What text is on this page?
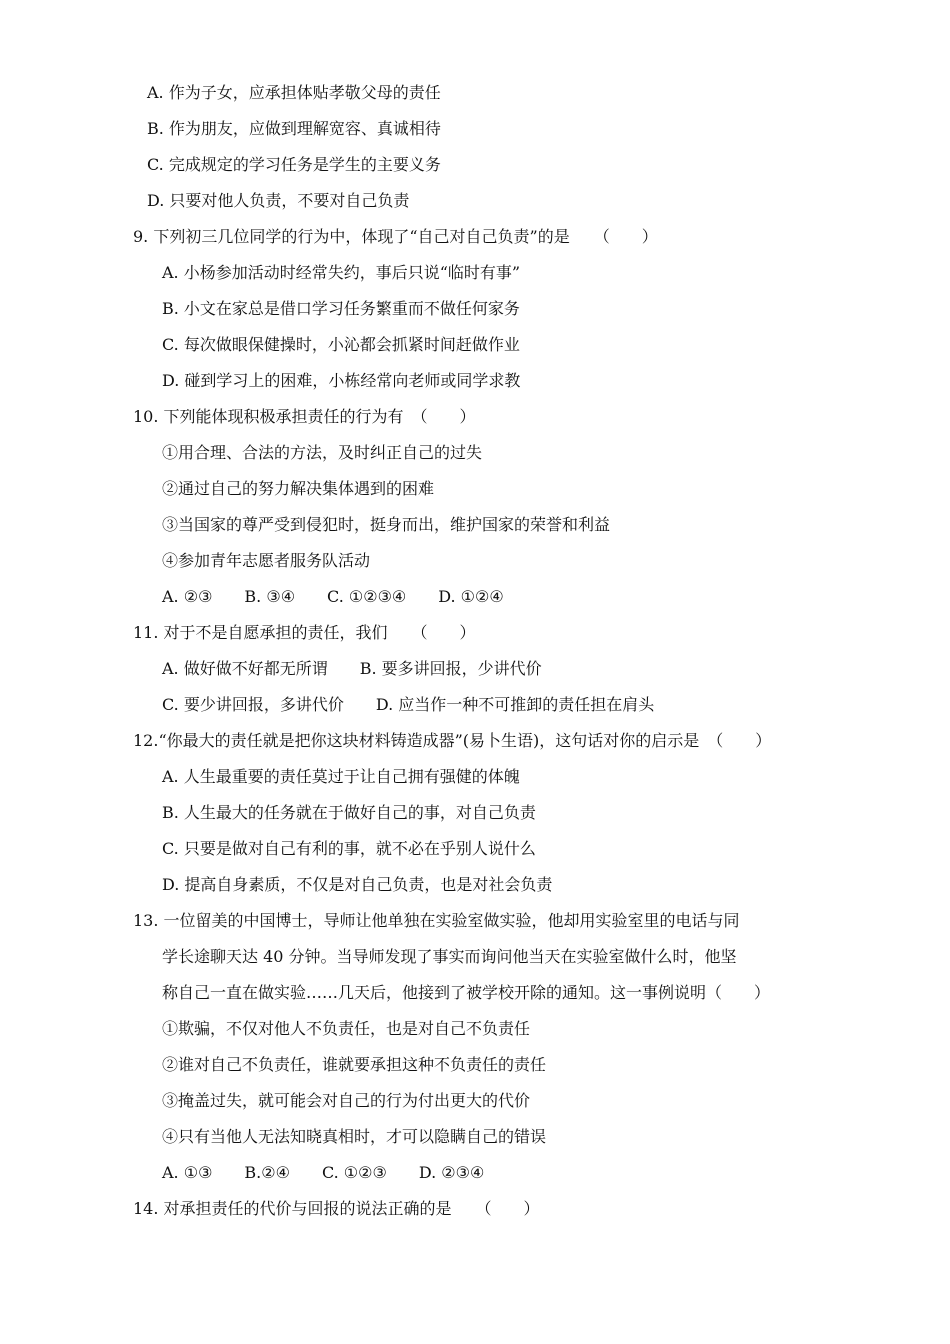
A. 作为子女，应承担体贴孝敬父母的责任
B. 作为朋友，应做到理解宽容、真诚相待
C. 完成规定的学习任务是学生的主要义务
D. 只要对他人负责，不要对自己负责
9. 下列初三几位同学的行为中，体现了“自己对自己负责”的是　　（　　）
A. 小杨参加活动时经常失约，事后只说“临时有事”
B. 小文在家总是借口学习任务繁重而不做任何家务
C. 每次做眼保健操时，小沁都会抓紧时间赶做作业
D. 碰到学习上的困难，小栋经常向老师或同学求教
10. 下列能体现积极承担责任的行为有　（　　）
①用合理、合法的方法，及时纠正自己的过失
②通过自己的努力解决集体遇到的困难
③当国家的尊严受到侵犯时，挺身而出，维护国家的荣誉和利益
④参加青年志愿者服务队活动
A. ②③　　B. ③④　　C. ①②③④　　D. ①②④
11. 对于不是自愿承担的责任，我们　　（　　）
A. 做好做不好都无所谓　　B. 要多讲回报，少讲代价
C. 要少讲回报，多讲代价　　D. 应当作一种不可推卸的责任担在肩头
12.“你最大的责任就是把你这块材料铸造成器”(易卜生语)，这句话对你的启示是　（　　）
A. 人生最重要的责任莫过于让自己拥有强健的体魄
B. 人生最大的任务就在于做好自己的事，对自己负责
C. 只要是做对自己有利的事，就不必在乎别人说什么
D. 提高自身素质，不仅是对自己负责，也是对社会负责
13. 一位留美的中国博士，导师让他单独在实验室做实验，他却用实验室里的电话与同
学长途聊天达 40 分钟。当导师发现了事实而询问他当天在实验室做什么时，他坚
称自己一直在做实验……几天后，他接到了被学校开除的通知。这一事例说明（　　）
①欺骗，不仅对他人不负责任，也是对自己不负责任
②谁对自己不负责任，谁就要承担这种不负责任的责任
③掩盖过失，就可能会对自己的行为付出更大的代价
④只有当他人无法知晓真相时，才可以隐瞒自己的错误
A. ①③　　B.②④　　C. ①②③　　D. ②③④
14. 对承担责任的代价与回报的说法正确的是　　（　　）
